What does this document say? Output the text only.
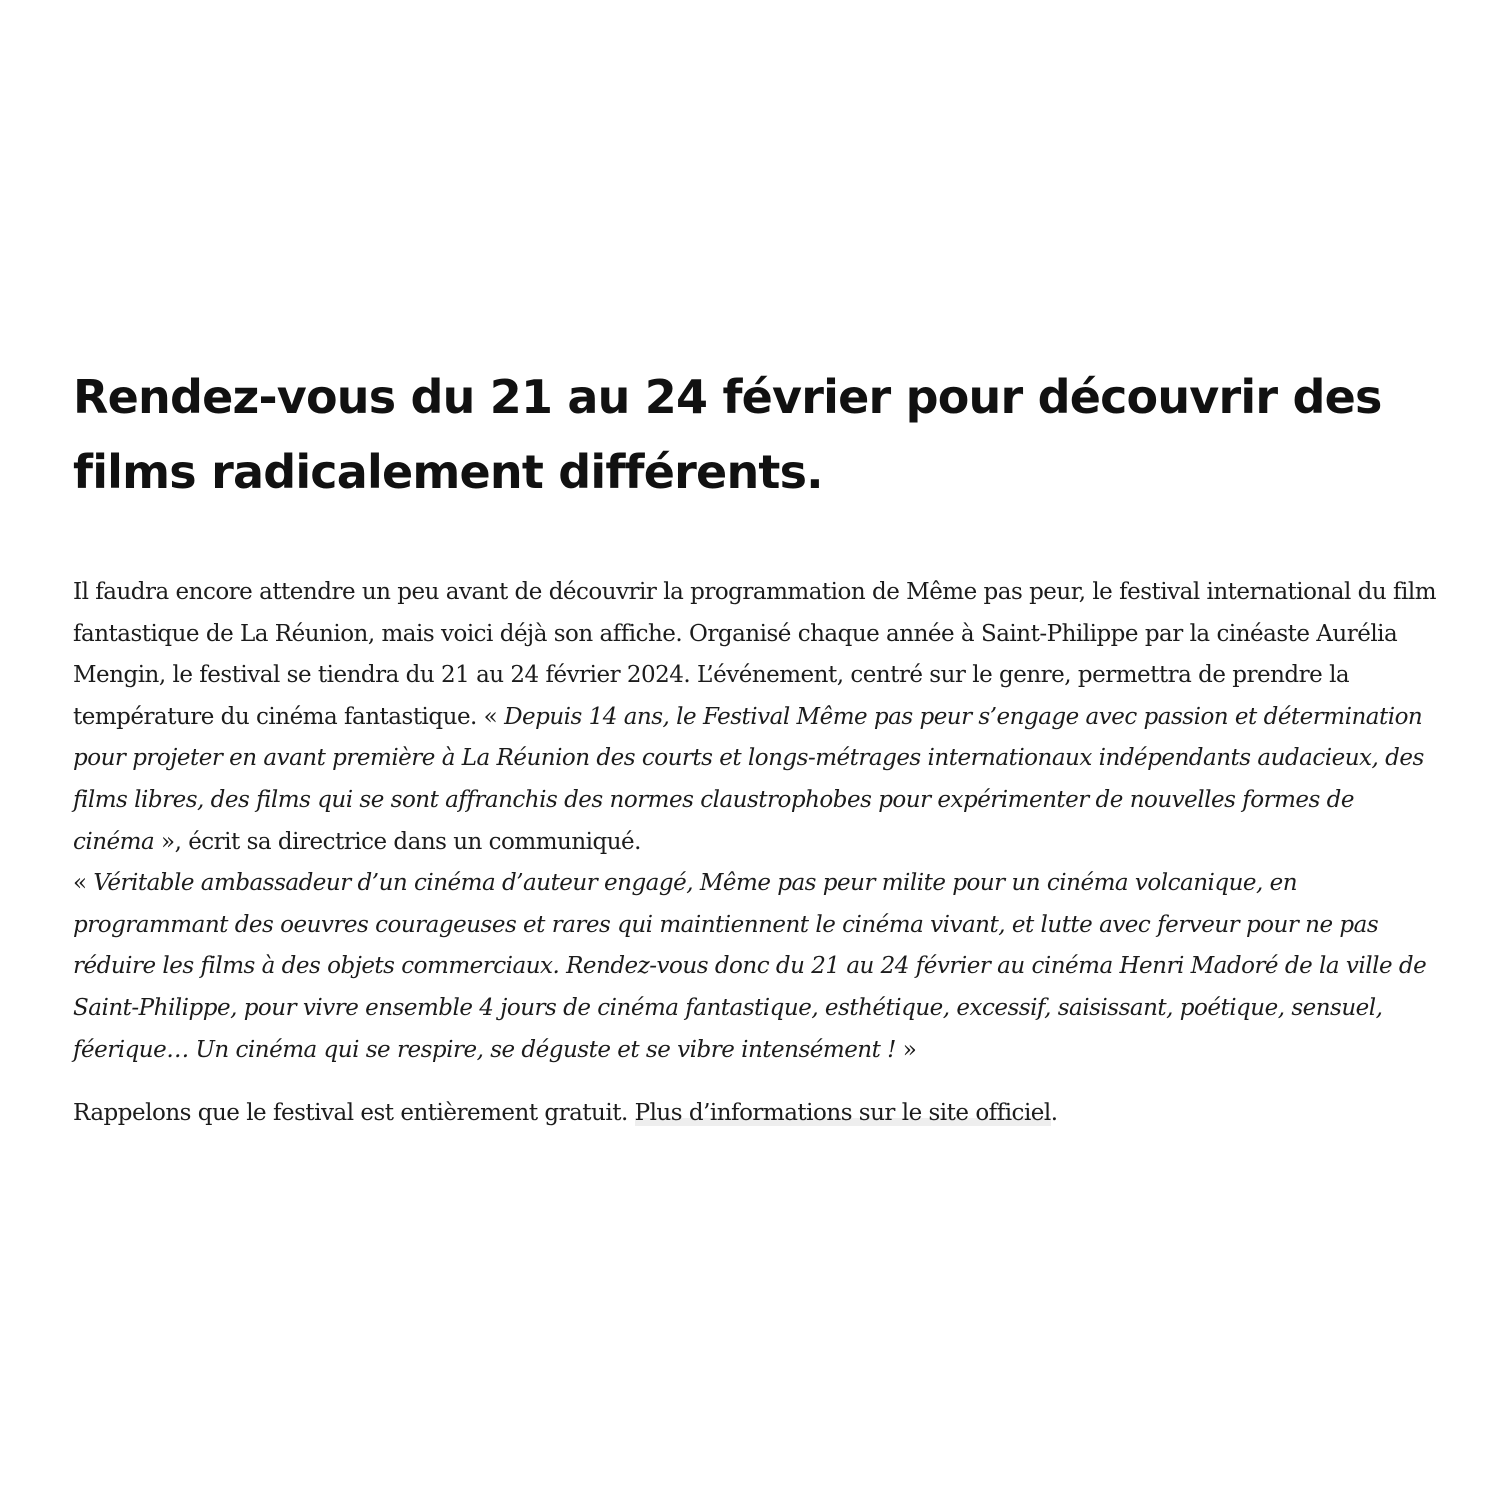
Rendez-vous du 21 au 24 février pour découvrir des films radicalement différents.

Il faudra encore attendre un peu avant de découvrir la programmation de Même pas peur, le festival international du film fantastique de La Réunion, mais voici déjà son affiche. Organisé chaque année à Saint-Philippe par la cinéaste Aurélia Mengin, le festival se tiendra du 21 au 24 février 2024. L’événement, centré sur le genre, permettra de prendre la température du cinéma fantastique. « Depuis 14 ans, le Festival Même pas peur s’engage avec passion et détermination pour projeter en avant première à La Réunion des courts et longs-métrages internationaux indépendants audacieux, des films libres, des films qui se sont affranchis des normes claustrophobes pour expérimenter de nouvelles formes de cinéma », écrit sa directrice dans un communiqué.
« Véritable ambassadeur d’un cinéma d’auteur engagé, Même pas peur milite pour un cinéma volcanique, en programmant des oeuvres courageuses et rares qui maintiennent le cinéma vivant, et lutte avec ferveur pour ne pas réduire les films à des objets commerciaux. Rendez-vous donc du 21 au 24 février au cinéma Henri Madoré de la ville de Saint-Philippe, pour vivre ensemble 4 jours de cinéma fantastique, esthétique, excessif, saisissant, poétique, sensuel, féerique… Un cinéma qui se respire, se déguste et se vibre intensément ! »

Rappelons que le festival est entièrement gratuit. Plus d’informations sur le site officiel.
